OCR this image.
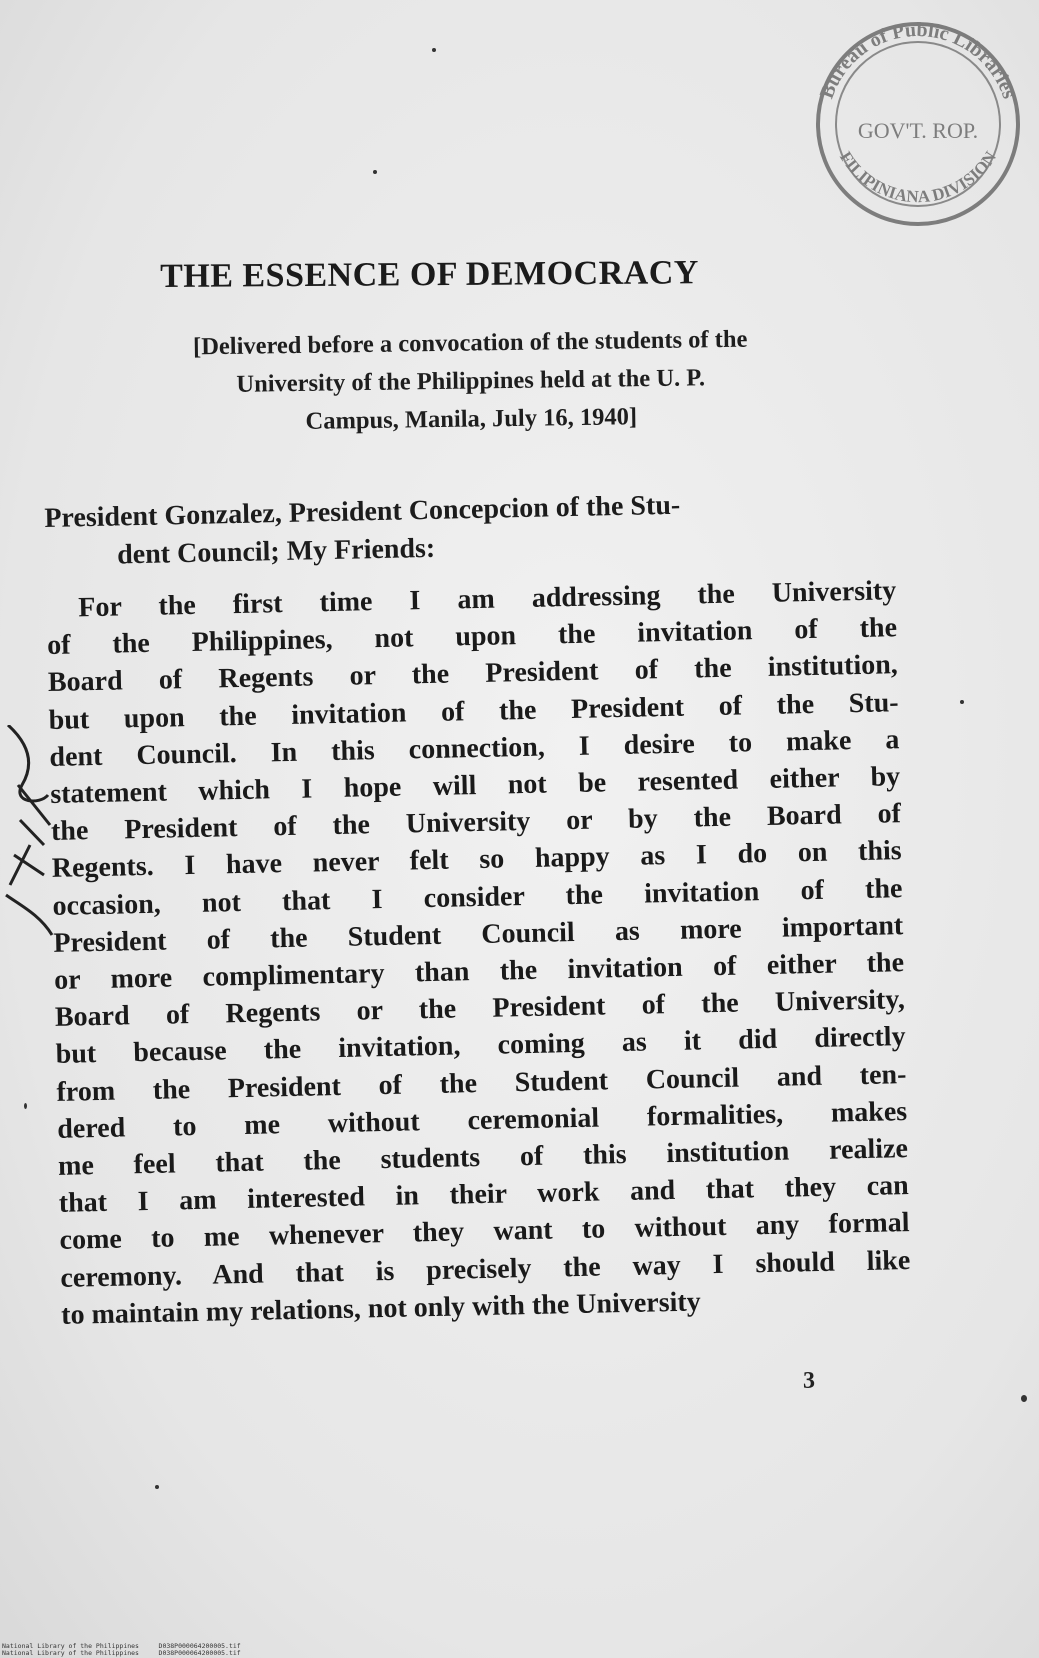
Bureau of Public Libraries
GOV'T. ROP.
FILIPINIANA DIVISION
THE ESSENCE OF DEMOCRACY
[Delivered before a convocation of the students of the
University of the Philippines held at the U. P.
Campus, Manila, July 16, 1940]
President Gonzalez, President Concepcion of the Stu-
dent Council; My Friends:
For the first time I am addressing the University
of the Philippines, not upon the invitation of the
Board of Regents or the President of the institution,
but upon the invitation of the President of the Stu-
dent Council. In this connection, I desire to make a
statement which I hope will not be resented either by
the President of the University or by the Board of
Regents. I have never felt so happy as I do on this
occasion, not that I consider the invitation of the
President of the Student Council as more important
or more complimentary than the invitation of either the
Board of Regents or the President of the University,
but because the invitation, coming as it did directly
from the President of the Student Council and ten-
dered to me without ceremonial formalities, makes
me feel that the students of this institution realize
that I am interested in their work and that they can
come to me whenever they want to without any formal
ceremony. And that is precisely the way I should like
to maintain my relations, not only with the University
3
National Library of the Philippines     D038P000064200005.tif
National Library of the Philippines     D038P000064200005.tif
